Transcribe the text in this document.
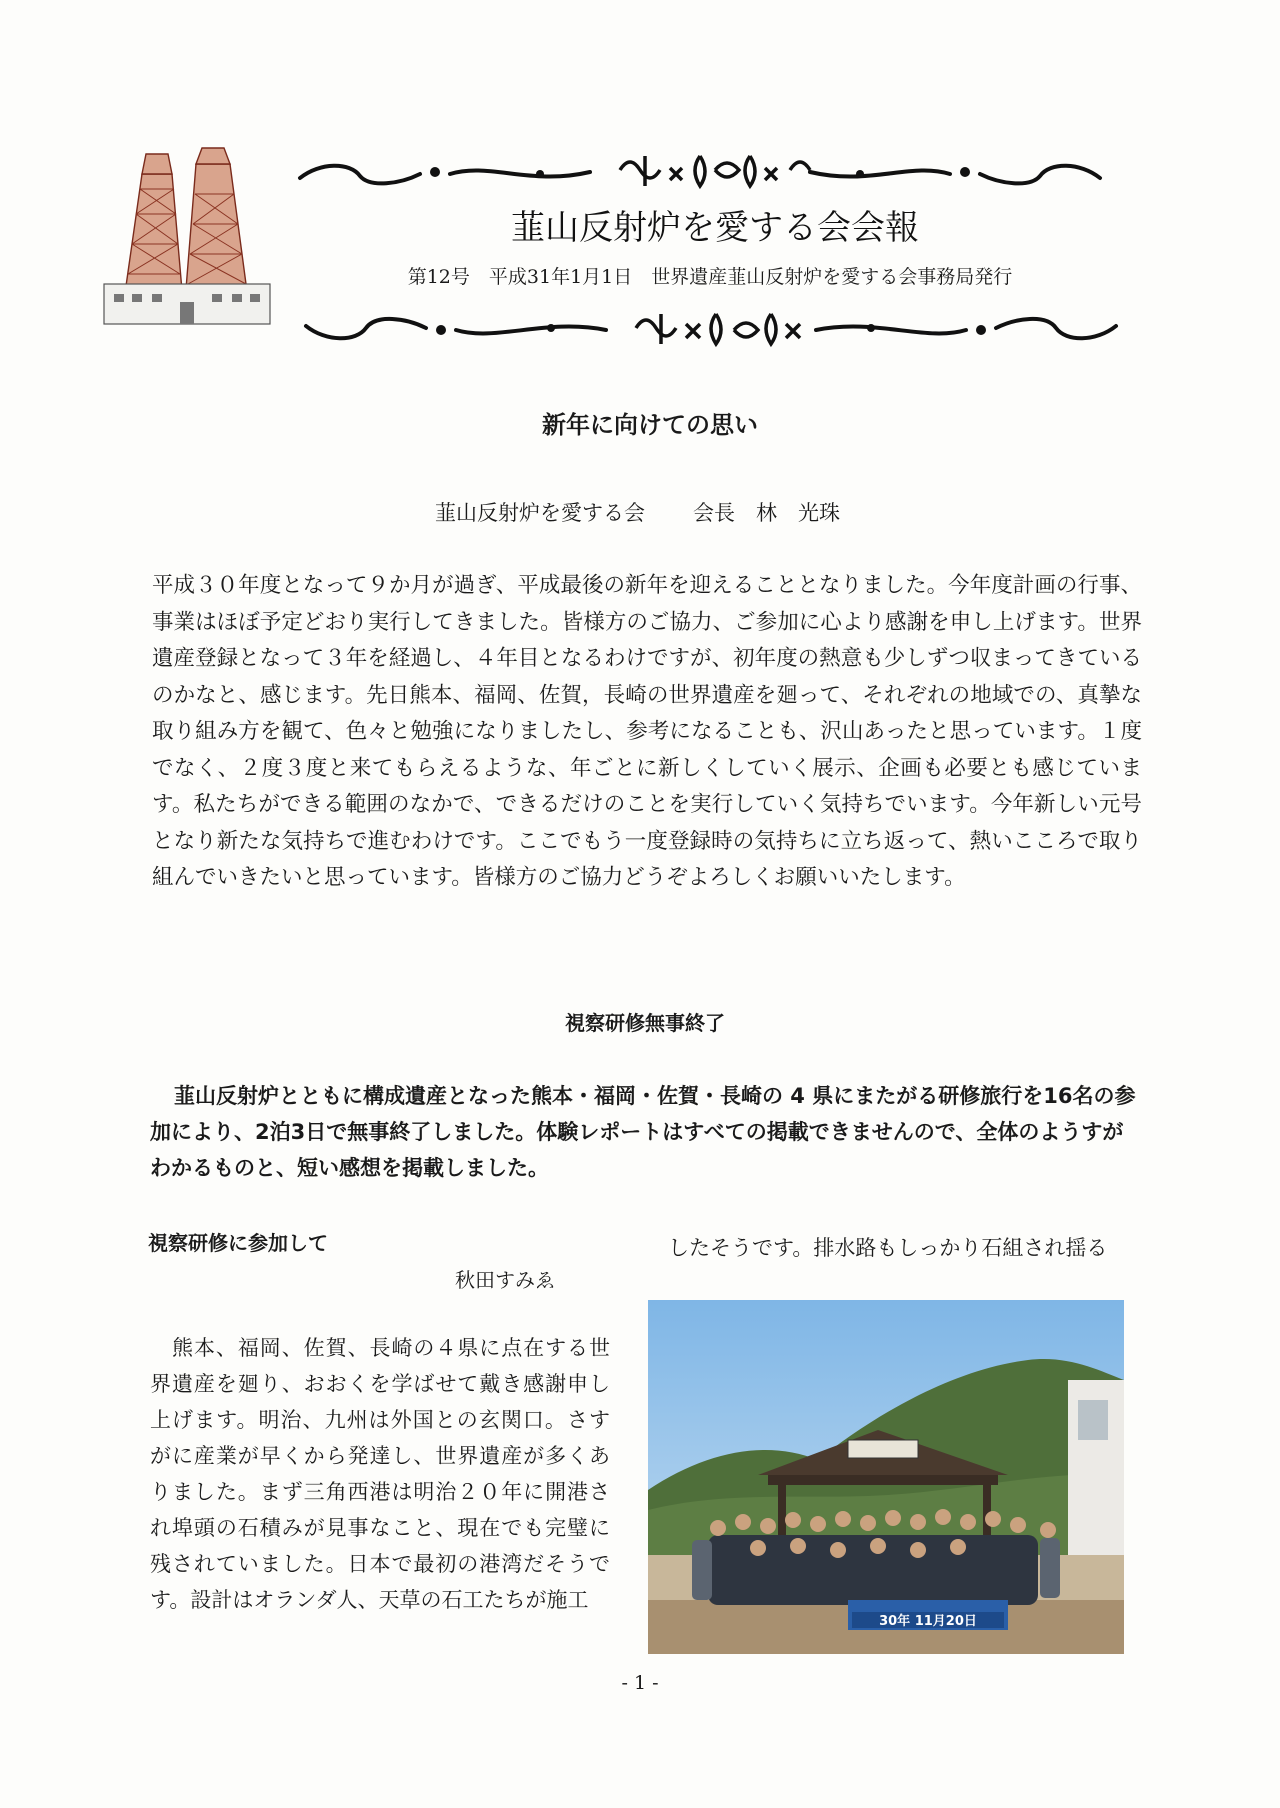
韮山反射炉を愛する会会報
第12号　平成31年1月1日　世界遺産韮山反射炉を愛する会事務局発行
新年に向けての思い
韮山反射炉を愛する会 会長　林　光珠
平成３０年度となって９か月が過ぎ、平成最後の新年を迎えることとなりました。今年度計画の行事、事業はほぼ予定どおり実行してきました。皆様方のご協力、ご参加に心より感謝を申し上げます。世界遺産登録となって３年を経過し、４年目となるわけですが、初年度の熱意も少しずつ収まってきているのかなと、感じます。先日熊本、福岡、佐賀，長崎の世界遺産を廻って、それぞれの地域での、真摯な取り組み方を観て、色々と勉強になりましたし、参考になることも、沢山あったと思っています。１度でなく、２度３度と来てもらえるような、年ごとに新しくしていく展示、企画も必要とも感じています。私たちができる範囲のなかで、できるだけのことを実行していく気持ちでいます。今年新しい元号となり新たな気持ちで進むわけです。ここでもう一度登録時の気持ちに立ち返って、熱いこころで取り組んでいきたいと思っています。皆様方のご協力どうぞよろしくお願いいたします。
視察研修無事終了
韮山反射炉とともに構成遺産となった熊本・福岡・佐賀・長崎の 4 県にまたがる研修旅行を16名の参加により、2泊3日で無事終了しました。体験レポートはすべての掲載できませんので、全体のようすがわかるものと、短い感想を掲載しました。
視察研修に参加して
秋田すみゑ
熊本、福岡、佐賀、長崎の４県に点在する世界遺産を廻り、おおくを学ばせて戴き感謝申し上げます。明治、九州は外国との玄関口。さすがに産業が早くから発達し、世界遺産が多くありました。まず三角西港は明治２０年に開港され埠頭の石積みが見事なこと、現在でも完璧に残されていました。日本で最初の港湾だそうです。設計はオランダ人、天草の石工たちが施工
したそうです。排水路もしっかり石組され揺る
30年 11月20日
- 1 -
